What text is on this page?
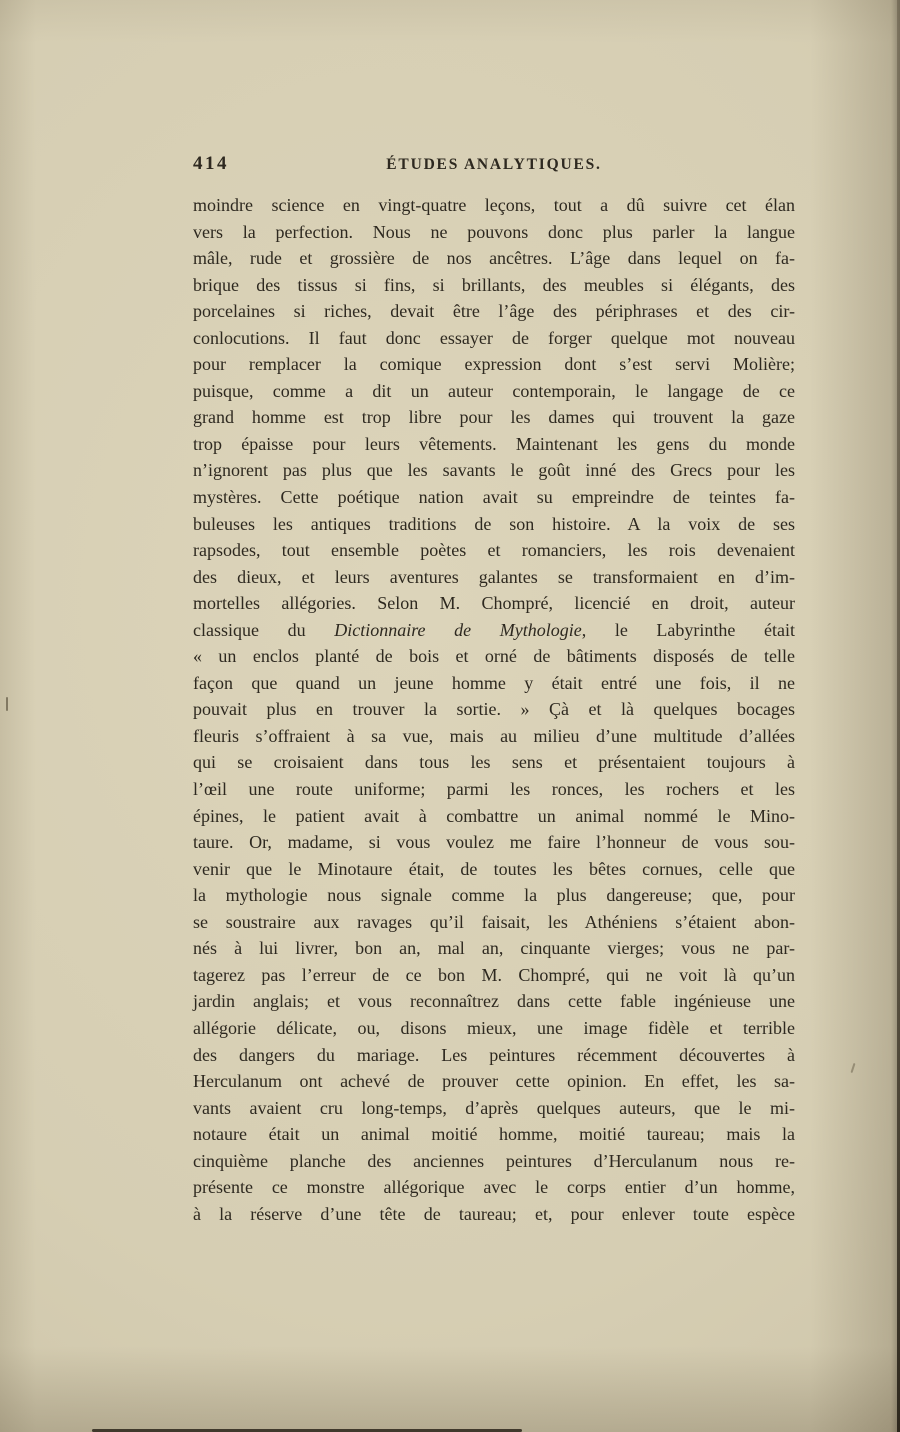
414	ÉTUDES ANALYTIQUES.
moindre science en vingt-quatre leçons, tout a dû suivre cet élan
vers la perfection. Nous ne pouvons donc plus parler la langue
mâle, rude et grossière de nos ancêtres. L’âge dans lequel on fa-
brique des tissus si fins, si brillants, des meubles si élégants, des
porcelaines si riches, devait être l’âge des périphrases et des cir-
conlocutions. Il faut donc essayer de forger quelque mot nouveau
pour remplacer la comique expression dont s’est servi Molière;
puisque, comme a dit un auteur contemporain, le langage de ce
grand homme est trop libre pour les dames qui trouvent la gaze
trop épaisse pour leurs vêtements. Maintenant les gens du monde
n’ignorent pas plus que les savants le goût inné des Grecs pour les
mystères. Cette poétique nation avait su empreindre de teintes fa-
buleuses les antiques traditions de son histoire. A la voix de ses
rapsodes, tout ensemble poètes et romanciers, les rois devenaient
des dieux, et leurs aventures galantes se transformaient en d’im-
mortelles allégories. Selon M. Chompré, licencié en droit, auteur
classique du Dictionnaire de Mythologie, le Labyrinthe était
« un enclos planté de bois et orné de bâtiments disposés de telle
façon que quand un jeune homme y était entré une fois, il ne
pouvait plus en trouver la sortie. » Çà et là quelques bocages
fleuris s’offraient à sa vue, mais au milieu d’une multitude d’allées
qui se croisaient dans tous les sens et présentaient toujours à
l’œil une route uniforme; parmi les ronces, les rochers et les
épines, le patient avait à combattre un animal nommé le Mino-
taure. Or, madame, si vous voulez me faire l’honneur de vous sou-
venir que le Minotaure était, de toutes les bêtes cornues, celle que
la mythologie nous signale comme la plus dangereuse; que, pour
se soustraire aux ravages qu’il faisait, les Athéniens s’étaient abon-
nés à lui livrer, bon an, mal an, cinquante vierges; vous ne par-
tagerez pas l’erreur de ce bon M. Chompré, qui ne voit là qu’un
jardin anglais; et vous reconnaîtrez dans cette fable ingénieuse une
allégorie délicate, ou, disons mieux, une image fidèle et terrible
des dangers du mariage. Les peintures récemment découvertes à
Herculanum ont achevé de prouver cette opinion. En effet, les sa-
vants avaient cru long-temps, d’après quelques auteurs, que le mi-
notaure était un animal moitié homme, moitié taureau; mais la
cinquième planche des anciennes peintures d’Herculanum nous re-
présente ce monstre allégorique avec le corps entier d’un homme,
à la réserve d’une tête de taureau; et, pour enlever toute espèce
